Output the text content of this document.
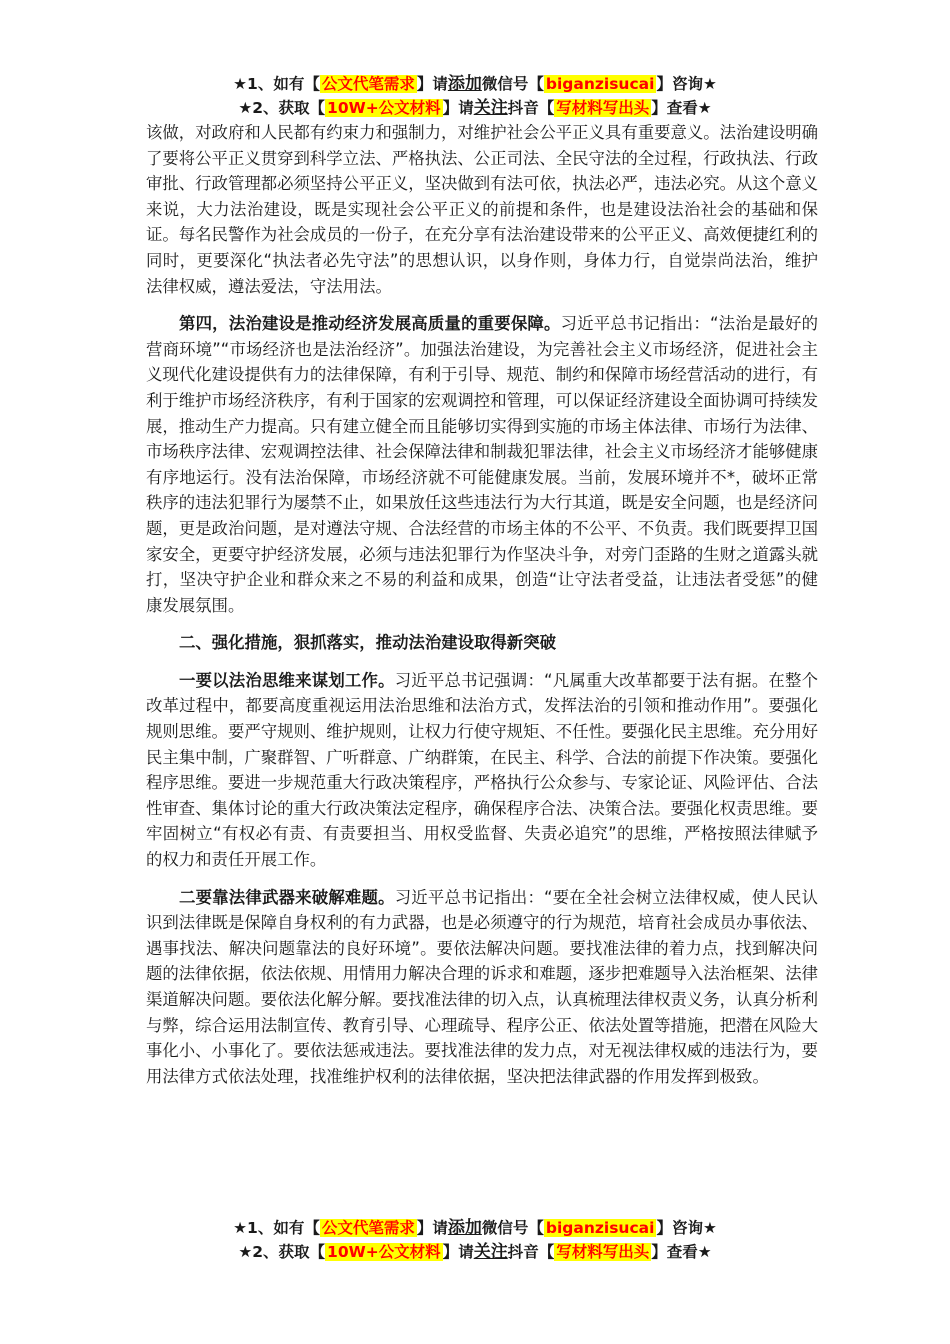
★1、如有【 公文代笔需求 】请添加微信号【 biganzisucai 】咨询★
★2、获取【 10W+公文材料 】请关注抖音【 写材料写出头 】查看★

该做，对政府和人民都有约束力和强制力，对维护社会公平正义具有重要意义。法治建设明确了要将公平正义贯穿到科学立法、严格执法、公正司法、全民守法的全过程，行政执法、行政审批、行政管理都必须坚持公平正义，坚决做到有法可依，执法必严，违法必究。从这个意义来说，大力法治建设，既是实现社会公平正义的前提和条件，也是建设法治社会的基础和保证。每名民警作为社会成员的一份子，在充分享有法治建设带来的公平正义、高效便捷红利的同时，更要深化“执法者必先守法”的思想认识，以身作则，身体力行，自觉崇尚法治，维护法律权威，遵法爱法，守法用法。

第四，法治建设是推动经济发展高质量的重要保障。习近平总书记指出：“法治是最好的营商环境”“市场经济也是法治经济”。加强法治建设，为完善社会主义市场经济，促进社会主义现代化建设提供有力的法律保障，有利于引导、规范、制约和保障市场经营活动的进行，有利于维护市场经济秩序，有利于国家的宏观调控和管理，可以保证经济建设全面协调可持续发展，推动生产力提高。只有建立健全而且能够切实得到实施的市场主体法律、市场行为法律、市场秩序法律、宏观调控法律、社会保障法律和制裁犯罪法律，社会主义市场经济才能够健康有序地运行。没有法治保障，市场经济就不可能健康发展。当前，发展环境并不*，破坏正常秩序的违法犯罪行为屡禁不止，如果放任这些违法行为大行其道，既是安全问题，也是经济问题，更是政治问题，是对遵法守规、合法经营的市场主体的不公平、不负责。我们既要捍卫国家安全，更要守护经济发展，必须与违法犯罪行为作坚决斗争，对旁门歪路的生财之道露头就打，坚决守护企业和群众来之不易的利益和成果，创造“让守法者受益，让违法者受惩”的健康发展氛围。

二、强化措施，狠抓落实，推动法治建设取得新突破

一要以法治思维来谋划工作。习近平总书记强调：“凡属重大改革都要于法有据。在整个改革过程中，都要高度重视运用法治思维和法治方式，发挥法治的引领和推动作用”。要强化规则思维。要严守规则、维护规则，让权力行使守规矩、不任性。要强化民主思维。充分用好民主集中制，广聚群智、广听群意、广纳群策，在民主、科学、合法的前提下作决策。要强化程序思维。要进一步规范重大行政决策程序，严格执行公众参与、专家论证、风险评估、合法性审查、集体讨论的重大行政决策法定程序，确保程序合法、决策合法。要强化权责思维。要牢固树立“有权必有责、有责要担当、用权受监督、失责必追究”的思维，严格按照法律赋予的权力和责任开展工作。

二要靠法律武器来破解难题。习近平总书记指出：“要在全社会树立法律权威，使人民认识到法律既是保障自身权利的有力武器，也是必须遵守的行为规范，培育社会成员办事依法、遇事找法、解决问题靠法的良好环境”。要依法解决问题。要找准法律的着力点，找到解决问题的法律依据，依法依规、用情用力解决合理的诉求和难题，逐步把难题导入法治框架、法律渠道解决问题。要依法化解分解。要找准法律的切入点，认真梳理法律权责义务，认真分析利与弊，综合运用法制宣传、教育引导、心理疏导、程序公正、依法处置等措施，把潜在风险大事化小、小事化了。要依法惩戒违法。要找准法律的发力点，对无视法律权威的违法行为，要用法律方式依法处理，找准维护权利的法律依据，坚决把法律武器的作用发挥到极致。

★1、如有【 公文代笔需求 】请添加微信号【 biganzisucai 】咨询★
★2、获取【 10W+公文材料 】请关注抖音【 写材料写出头 】查看★
